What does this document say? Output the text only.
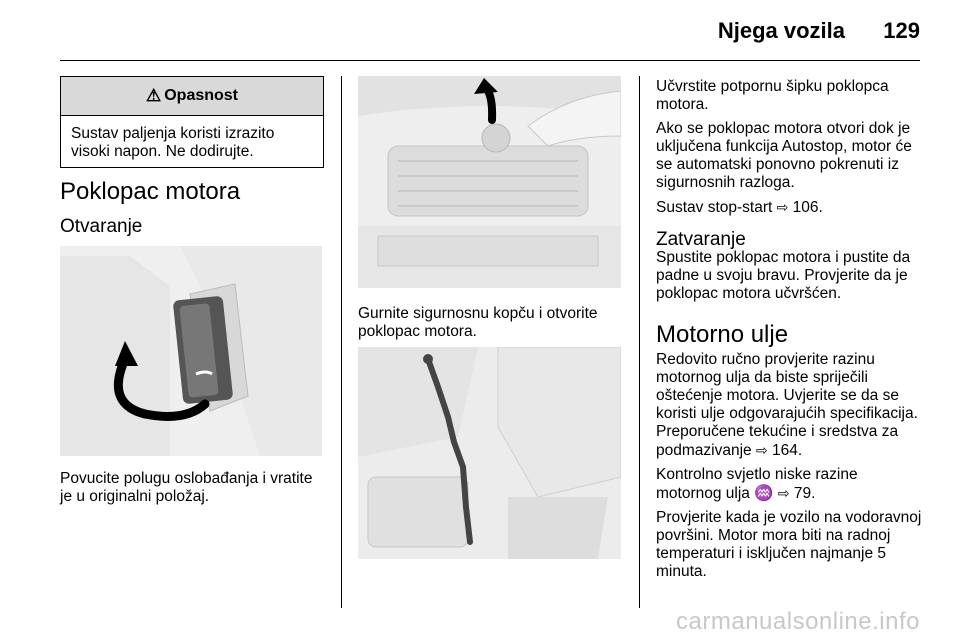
Njega vozila 129
⚠ Opasnost
Sustav paljenja koristi izrazito visoki napon. Ne dodirujte.
Poklopac motora
Otvaranje
Povucite polugu oslobađanja i vratite je u originalni položaj.
Gurnite sigurnosnu kopču i otvorite poklopac motora.

Učvrstite potpornu šipku poklopca motora.

Ako se poklopac motora otvori dok je uključena funkcija Autostop, motor će se automatski ponovno pokrenuti iz sigurnosnih razloga.

Sustav stop-start ⇨ 106.

Zatvaranje

Spustite poklopac motora i pustite da padne u svoju bravu. Provjerite da je poklopac motora učvršćen.

Motorno ulje

Redovito ručno provjerite razinu motornog ulja da biste spriječili oštećenje motora. Uvjerite se da se koristi ulje odgovarajućih specifikacija. Preporučene tekućine i sredstva za podmazivanje ⇨ 164.

Kontrolno svjetlo niske razine motornog ulja ♒ ⇨ 79.

Provjerite kada je vozilo na vodoravnoj površini. Motor mora biti na radnoj temperaturi i isključen najmanje 5 minuta.

carmanualsonline.info
